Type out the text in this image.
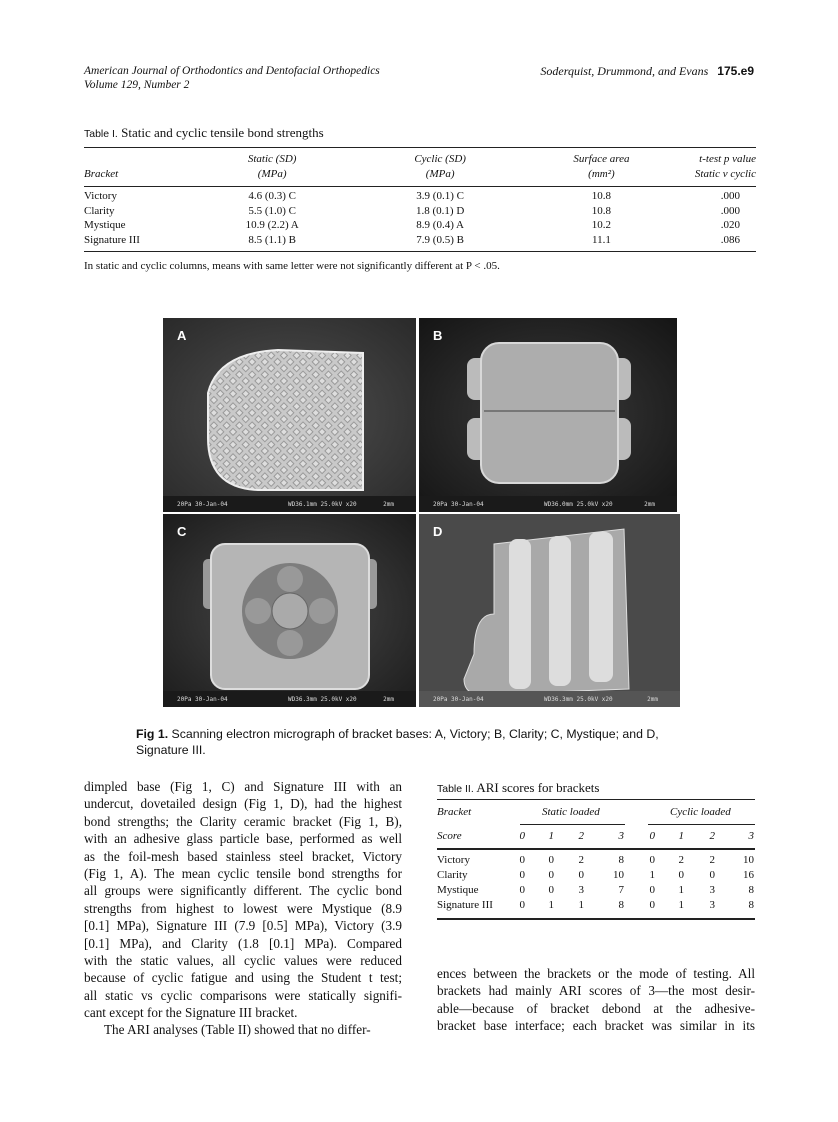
American Journal of Orthodontics and Dentofacial Orthopedics
Volume 129, Number 2
Soderquist, Drummond, and Evans 175.e9
Table I. Static and cyclic tensile bond strengths
	Static (SD)	Cyclic (SD)	Surface area	t-test p value
Bracket	(MPa)	(MPa)	(mm²)	Static v cyclic

Victory	4.6 (0.3) C	3.9 (0.1) C	10.8	.000
Clarity	5.5 (1.0) C	1.8 (0.1) D	10.8	.000
Mystique	10.9 (2.2) A	8.9 (0.4) A	10.2	.020
Signature III	8.5 (1.1) B	7.9 (0.5) B	11.1	.086
In static and cyclic columns, means with same letter were not significantly different at P < .05.
A
20Pa 30-Jan-04	WD36.1mm 25.0kV x20	2mm
B
20Pa 30-Jan-04	WD36.0mm 25.0kV x20	2mm
C
20Pa 30-Jan-04	WD36.3mm 25.0kV x20	2mm
D
20Pa 30-Jan-04	WD36.3mm 25.0kV x20	2mm
Fig 1. Scanning electron micrograph of bracket bases: A, Victory; B, Clarity; C, Mystique; and D,
Signature III.
dimpled base (Fig 1, C) and Signature III with an
undercut, dovetailed design (Fig 1, D), had the highest
bond strengths; the Clarity ceramic bracket (Fig 1, B),
with an adhesive glass particle base, performed as well
as the foil-mesh based stainless steel bracket, Victory
(Fig 1, A). The mean cyclic tensile bond strengths for
all groups were significantly different. The cyclic bond
strengths from highest to lowest were Mystique (8.9
[0.1] MPa), Signature III (7.9 [0.5] MPa), Victory (3.9
[0.1] MPa), and Clarity (1.8 [0.1] MPa). Compared
with the static values, all cyclic values were reduced
because of cyclic fatigue and using the Student t test;
all static vs cyclic comparisons were statically signifi-
cant except for the Signature III bracket.
The ARI analyses (Table II) showed that no differ-
Table II. ARI scores for brackets
Bracket	Static loaded	Cyclic loaded
Score	0	1	2	3	0	1	2	3
Victory	0	0	2	8	0	2	2	10
Clarity	0	0	0	10	1	0	0	16
Mystique	0	0	3	7	0	1	3	8
Signature III	0	1	1	8	0	1	3	8
ences between the brackets or the mode of testing. All
brackets had mainly ARI scores of 3—the most desir-
able—because of bracket debond at the adhesive-
bracket base interface; each bracket was similar in its
